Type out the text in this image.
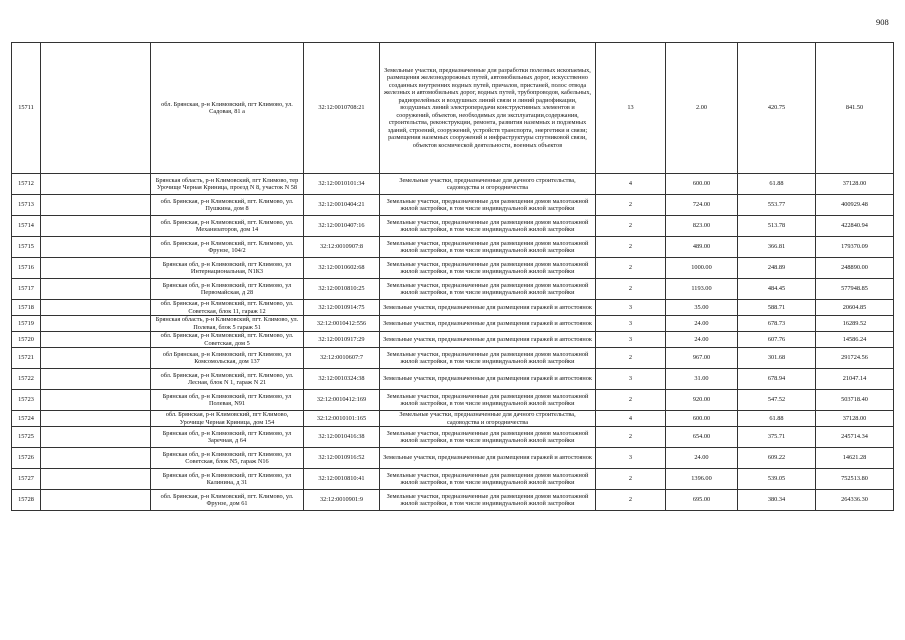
908
15711		обл. Брянская, р-н Климовский, пгт Климово, ул. Садовая, 81 а	32:12:0010708:21	Земельные участки, предназначенные для разработки полезных ископаемых, размещения железнодорожных путей, автомобильных дорог, искусственно созданных внутренних водных путей, причалов, пристаней, полос отвода железных и автомобильных дорог, водных путей, трубопроводов, кабельных, радиорелейных и воздушных линий связи и линий радиофикации, воздушных линий электропередачи конструктивных элементов и сооружений, объектов, необходимых для эксплуатации,содержания, строительства, реконструкции, ремонта, развития наземных и подземных зданий, строений, сооружений, устройств транспорта, энергетики и связи; размещения наземных сооружений и инфраструктуры спутниковой связи, объектов космической деятельности, военных объектов	13	2.00	420.75	841.50
15712		Брянская область, р-н Климовский, пгт Климово, тер Урочище Черная Криница, проезд N 8, участок N 58	32:12:0010101:34	Земельные участки, предназначенные для дачного строительства, садоводства и огородничества	4	600.00	61.88	37128.00
15713		обл. Брянская, р-н Климовский, пгт. Климово, ул. Пушкина, дом 8	32:12:0010404:21	Земельные участки, предназначенные для размещения домов малоэтажной жилой застройки, в том числе индивидуальной жилой застройки	2	724.00	553.77	400929.48
15714		обл. Брянская, р-н Климовский, пгт. Климово, ул. Механизаторов, дом 14	32:12:0010407:16	Земельные участки, предназначенные для размещения домов малоэтажной жилой застройки, в том числе индивидуальной жилой застройки	2	823.00	513.78	422840.94
15715		обл. Брянская, р-н Климовский, пгт. Климово, ул. Фрунзе, 104/2	32:12:0010907:8	Земельные участки, предназначенные для размещения домов малоэтажной жилой застройки, в том числе индивидуальной жилой застройки	2	489.00	366.81	179370.09
15716		Брянская обл, р-н Климовский, пгт Климово, ул Интернациональная, N1К3	32:12:0010602:68	Земельные участки, предназначенные для размещения домов малоэтажной жилой застройки, в том числе индивидуальной жилой застройки	2	1000.00	248.89	248890.00
15717		Брянская обл, р-н Климовский, пгт Климово, ул Первомайская, д 28	32:12:0010810:25	Земельные участки, предназначенные для размещения домов малоэтажной жилой застройки, в том числе индивидуальной жилой застройки	2	1193.00	484.45	577948.85
15718		обл. Брянская, р-н Климовский, пгт. Климово, ул. Советская, блок 11, гараж 12	32:12:0010914:75	Земельные участки, предназначенные для размещения гаражей и автостоянок	3	35.00	588.71	20604.85
15719		Брянская область, р-н Климовский, пгт. Климово, ул. Полевая, блок 5 гараж 51	32:12:0010412:556	Земельные участки, предназначенные для размещения гаражей и автостоянок	3	24.00	678.73	16289.52
15720		обл. Брянская, р-н Климовский, пгт. Климово, ул. Советская, дом 5	32:12:0010917:29	Земельные участки, предназначенные для размещения гаражей и автостоянок	3	24.00	607.76	14586.24
15721		обл Брянская, р-н Климовский, пгт Климово, ул Комсомольская, дом 137	32:12:0010607:7	Земельные участки, предназначенные для размещения домов малоэтажной жилой застройки, в том числе индивидуальной жилой застройки	2	967.00	301.68	291724.56
15722		обл. Брянская, р-н Климовский, пгт. Климово, ул. Лесная, блок N 1, гараж N 21	32:12:0010324:38	Земельные участки, предназначенные для размещения гаражей и автостоянок	3	31.00	678.94	21047.14
15723		Брянская обл, р-н Климовский, пгт Климово, ул Полевая, N91	32:12:0010412:169	Земельные участки, предназначенные для размещения домов малоэтажной жилой застройки, в том числе индивидуальной жилой застройки	2	920.00	547.52	503718.40
15724		обл. Брянская, р-н Климовский, пгт Климово, Урочище Черная Криница, дом 154	32:12:0010101:165	Земельные участки, предназначенные для дачного строительства, садоводства и огородничества	4	600.00	61.88	37128.00
15725		Брянская обл, р-н Климовский, пгт Климово, ул Заречная, д 64	32:12:0010416:38	Земельные участки, предназначенные для размещения домов малоэтажной жилой застройки, в том числе индивидуальной жилой застройки	2	654.00	375.71	245714.34
15726		Брянская обл, р-н Климовский, пгт Климово, ул Советская, блок N5, гараж N16	32:12:0010916:52	Земельные участки, предназначенные для размещения гаражей и автостоянок	3	24.00	609.22	14621.28
15727		Брянская обл, р-н Климовский, пгт Климово, ул Калинина, д 31	32:12:0010810:41	Земельные участки, предназначенные для размещения домов малоэтажной жилой застройки, в том числе индивидуальной жилой застройки	2	1396.00	539.05	752513.80
15728		обл. Брянская, р-н Климовский, пгт. Климово, ул. Фрунзе, дом 61	32:12:0010901:9	Земельные участки, предназначенные для размещения домов малоэтажной жилой застройки, в том числе индивидуальной жилой застройки	2	695.00	380.34	264336.30
